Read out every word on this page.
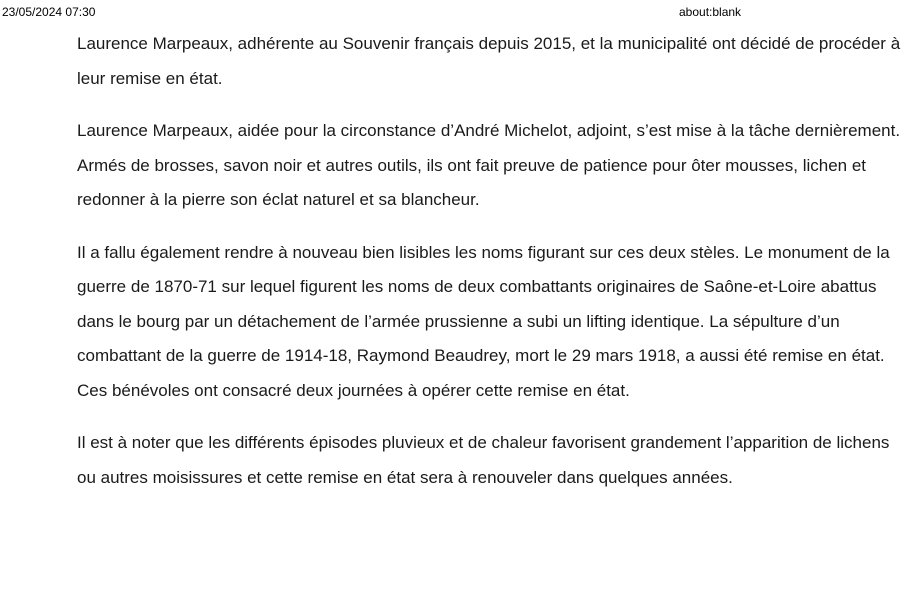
23/05/2024 07:30	about:blank

Laurence Marpeaux, adhérente au Souvenir français depuis 2015, et la municipalité ont décidé de procéder à leur remise en état.

Laurence Marpeaux, aidée pour la circonstance d’André Michelot, adjoint, s’est mise à la tâche dernièrement. Armés de brosses, savon noir et autres outils, ils ont fait preuve de patience pour ôter mousses, lichen et redonner à la pierre son éclat naturel et sa blancheur.

Il a fallu également rendre à nouveau bien lisibles les noms figurant sur ces deux stèles. Le monument de la guerre de 1870-71 sur lequel figurent les noms de deux combattants originaires de Saône-et-Loire abattus dans le bourg par un détachement de l’armée prussienne a subi un lifting identique. La sépulture d’un combattant de la guerre de 1914-18, Raymond Beaudrey, mort le 29 mars 1918, a aussi été remise en état. Ces bénévoles ont consacré deux journées à opérer cette remise en état.

Il est à noter que les différents épisodes pluvieux et de chaleur favorisent grandement l’apparition de lichens ou autres moisissures et cette remise en état sera à renouveler dans quelques années.
